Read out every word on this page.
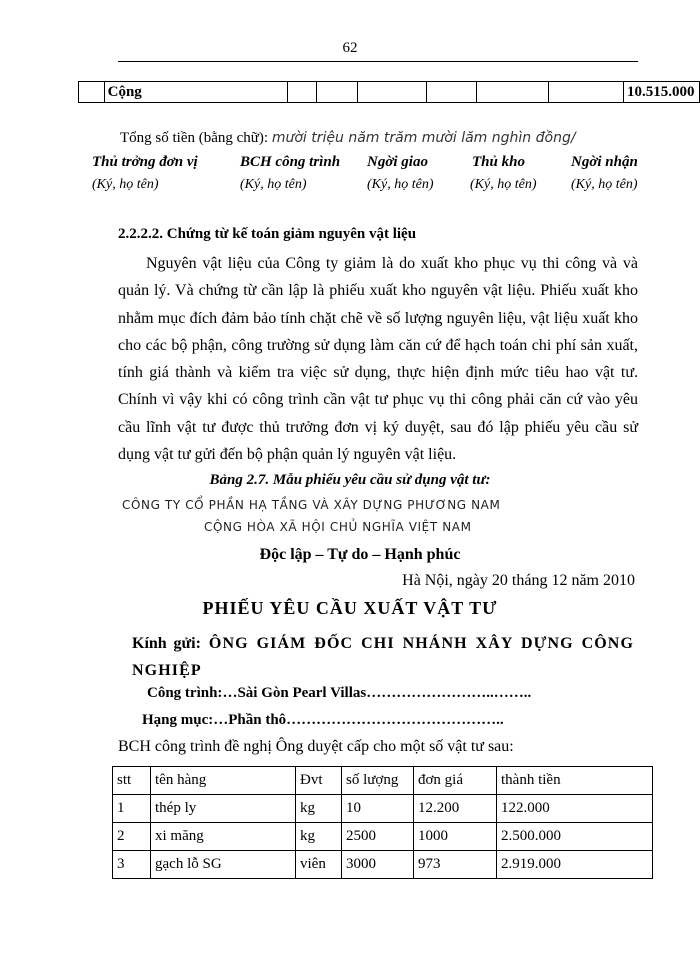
62
	Cộng							10.515.000
Tổng số tiền (bằng chữ): mười triệu năm trăm mười lăm nghìn đồng/
Thủ trởng đơn vị
(Ký, họ tên)
BCH công trình
(Ký, họ tên)
Ngời giao
(Ký, họ tên)
Thủ kho
(Ký, họ tên)
Ngời nhận
(Ký, họ tên)
2.2.2.2. Chứng từ kế toán giảm nguyên vật liệu
Nguyên vật liệu của Công ty giảm là do xuất kho phục vụ thi công và và quản lý. Và chứng từ cần lập là phiếu xuất kho nguyên vật liệu. Phiếu xuất kho nhằm mục đích đảm bảo tính chặt chẽ về số lượng nguyên liệu, vật liệu xuất kho cho các bộ phận, công trường sử dụng làm căn cứ để hạch toán chi phí sản xuất, tính giá thành và kiểm tra việc sử dụng, thực hiện định mức tiêu hao vật tư. Chính vì vậy khi có công trình cần vật tư phục vụ thi công phải căn cứ vào yêu cầu lĩnh vật tư được thủ trưởng đơn vị ký duyệt, sau đó lập phiếu yêu cầu sử dụng vật tư gửi đến bộ phận quản lý nguyên vật liệu.
Bảng 2.7. Mẫu phiếu yêu cầu sử dụng vật tư:
CÔNG TY CỔ PHẦN HẠ TẦNG VÀ XÂY DỰNG PHƯƠNG NAM
CỘNG HÒA XÃ HỘI CHỦ NGHĨA VIỆT NAM
Độc lập – Tự do – Hạnh phúc
Hà Nội, ngày 20 tháng 12 năm 2010
PHIẾU YÊU CẦU XUẤT VẬT TƯ
Kính gửi: ÔNG GIÁM ĐỐC CHI NHÁNH XÂY DỰNG CÔNG NGHIỆP
Công trình:…Sài Gòn Pearl Villas……………………..……..
Hạng mục:…Phần thô……………………………………..
BCH công trình đề nghị Ông duyệt cấp cho một số vật tư sau:
stt	tên hàng	Đvt	số lượng	đơn giá	thành tiền
1	thép ly	kg	10	12.200	122.000
2	xi măng	kg	2500	1000	2.500.000
3	gạch lỗ SG	viên	3000	973	2.919.000
